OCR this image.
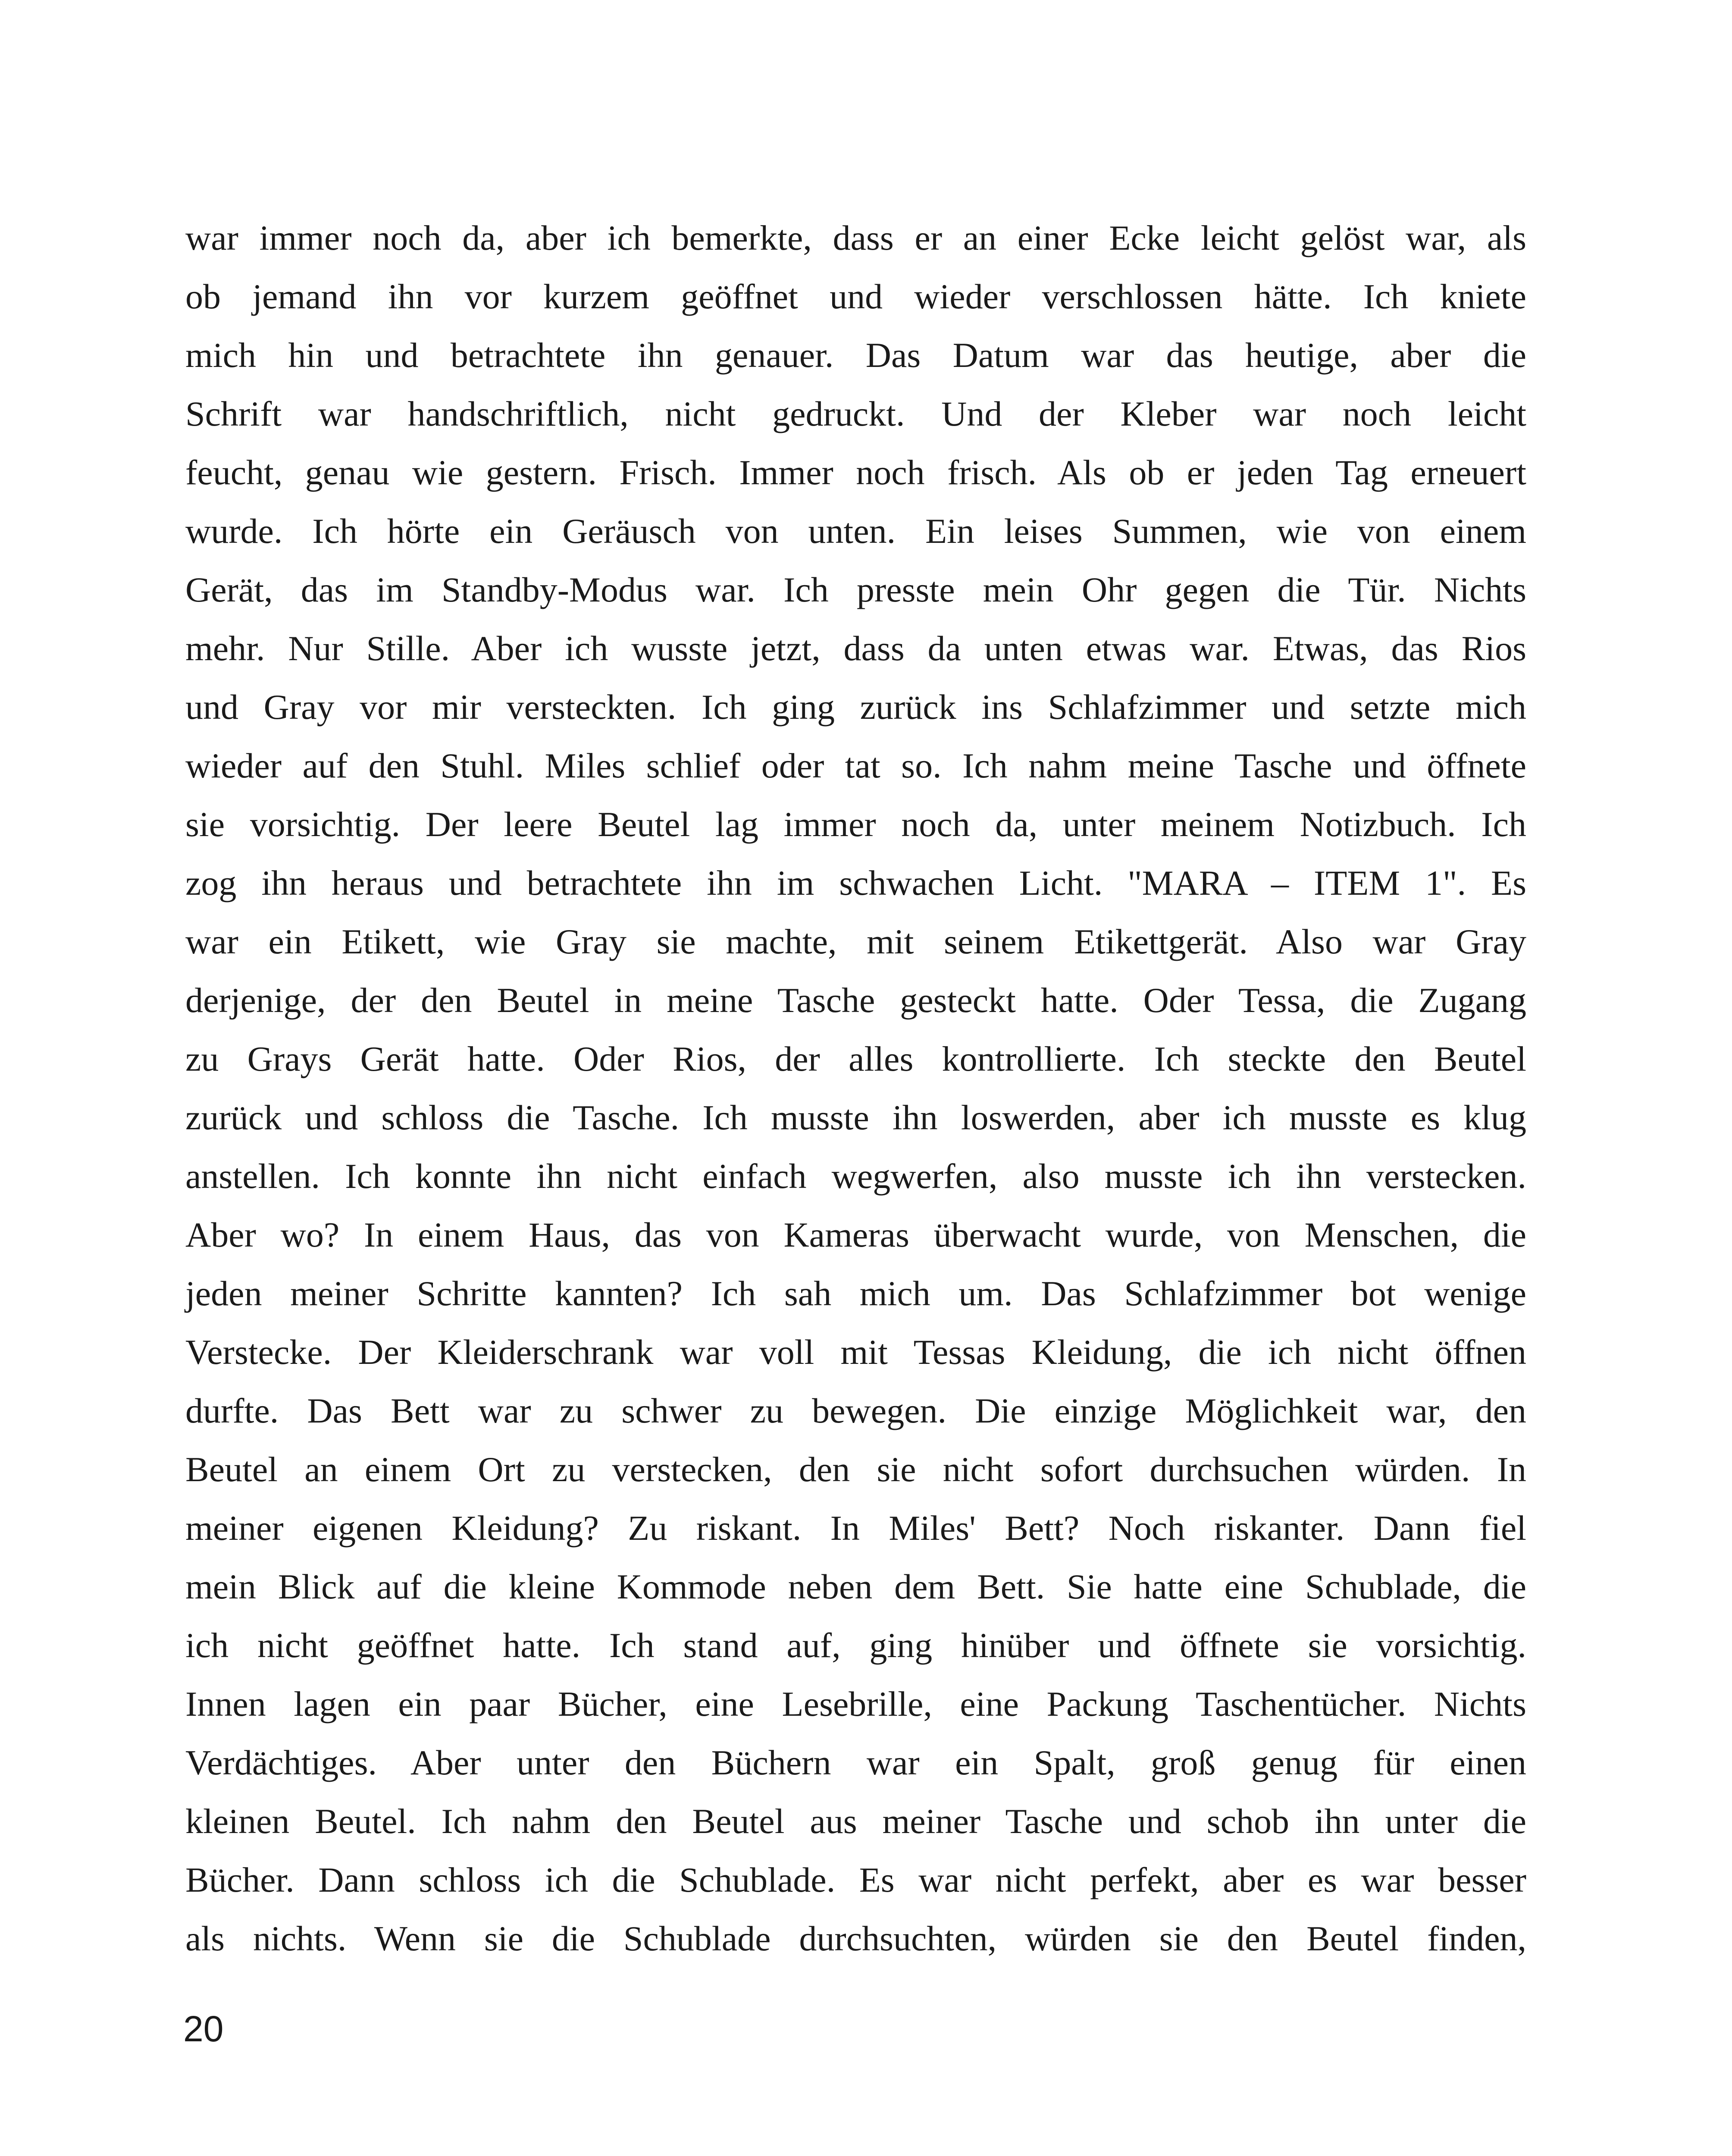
war immer noch da, aber ich bemerkte, dass er an einer Ecke leicht gelöst war, als
ob jemand ihn vor kurzem geöffnet und wieder verschlossen hätte. Ich kniete
mich hin und betrachtete ihn genauer. Das Datum war das heutige, aber die
Schrift war handschriftlich, nicht gedruckt. Und der Kleber war noch leicht
feucht, genau wie gestern. Frisch. Immer noch frisch. Als ob er jeden Tag erneuert
wurde. Ich hörte ein Geräusch von unten. Ein leises Summen, wie von einem
Gerät, das im Standby-Modus war. Ich presste mein Ohr gegen die Tür. Nichts
mehr. Nur Stille. Aber ich wusste jetzt, dass da unten etwas war. Etwas, das Rios
und Gray vor mir versteckten. Ich ging zurück ins Schlafzimmer und setzte mich
wieder auf den Stuhl. Miles schlief oder tat so. Ich nahm meine Tasche und öffnete
sie vorsichtig. Der leere Beutel lag immer noch da, unter meinem Notizbuch. Ich
zog ihn heraus und betrachtete ihn im schwachen Licht. "MARA – ITEM 1". Es
war ein Etikett, wie Gray sie machte, mit seinem Etikettgerät. Also war Gray
derjenige, der den Beutel in meine Tasche gesteckt hatte. Oder Tessa, die Zugang
zu Grays Gerät hatte. Oder Rios, der alles kontrollierte. Ich steckte den Beutel
zurück und schloss die Tasche. Ich musste ihn loswerden, aber ich musste es klug
anstellen. Ich konnte ihn nicht einfach wegwerfen, also musste ich ihn verstecken.
Aber wo? In einem Haus, das von Kameras überwacht wurde, von Menschen, die
jeden meiner Schritte kannten? Ich sah mich um. Das Schlafzimmer bot wenige
Verstecke. Der Kleiderschrank war voll mit Tessas Kleidung, die ich nicht öffnen
durfte. Das Bett war zu schwer zu bewegen. Die einzige Möglichkeit war, den
Beutel an einem Ort zu verstecken, den sie nicht sofort durchsuchen würden. In
meiner eigenen Kleidung? Zu riskant. In Miles' Bett? Noch riskanter. Dann fiel
mein Blick auf die kleine Kommode neben dem Bett. Sie hatte eine Schublade, die
ich nicht geöffnet hatte. Ich stand auf, ging hinüber und öffnete sie vorsichtig.
Innen lagen ein paar Bücher, eine Lesebrille, eine Packung Taschentücher. Nichts
Verdächtiges. Aber unter den Büchern war ein Spalt, groß genug für einen
kleinen Beutel. Ich nahm den Beutel aus meiner Tasche und schob ihn unter die
Bücher. Dann schloss ich die Schublade. Es war nicht perfekt, aber es war besser
als nichts. Wenn sie die Schublade durchsuchten, würden sie den Beutel finden,
20
